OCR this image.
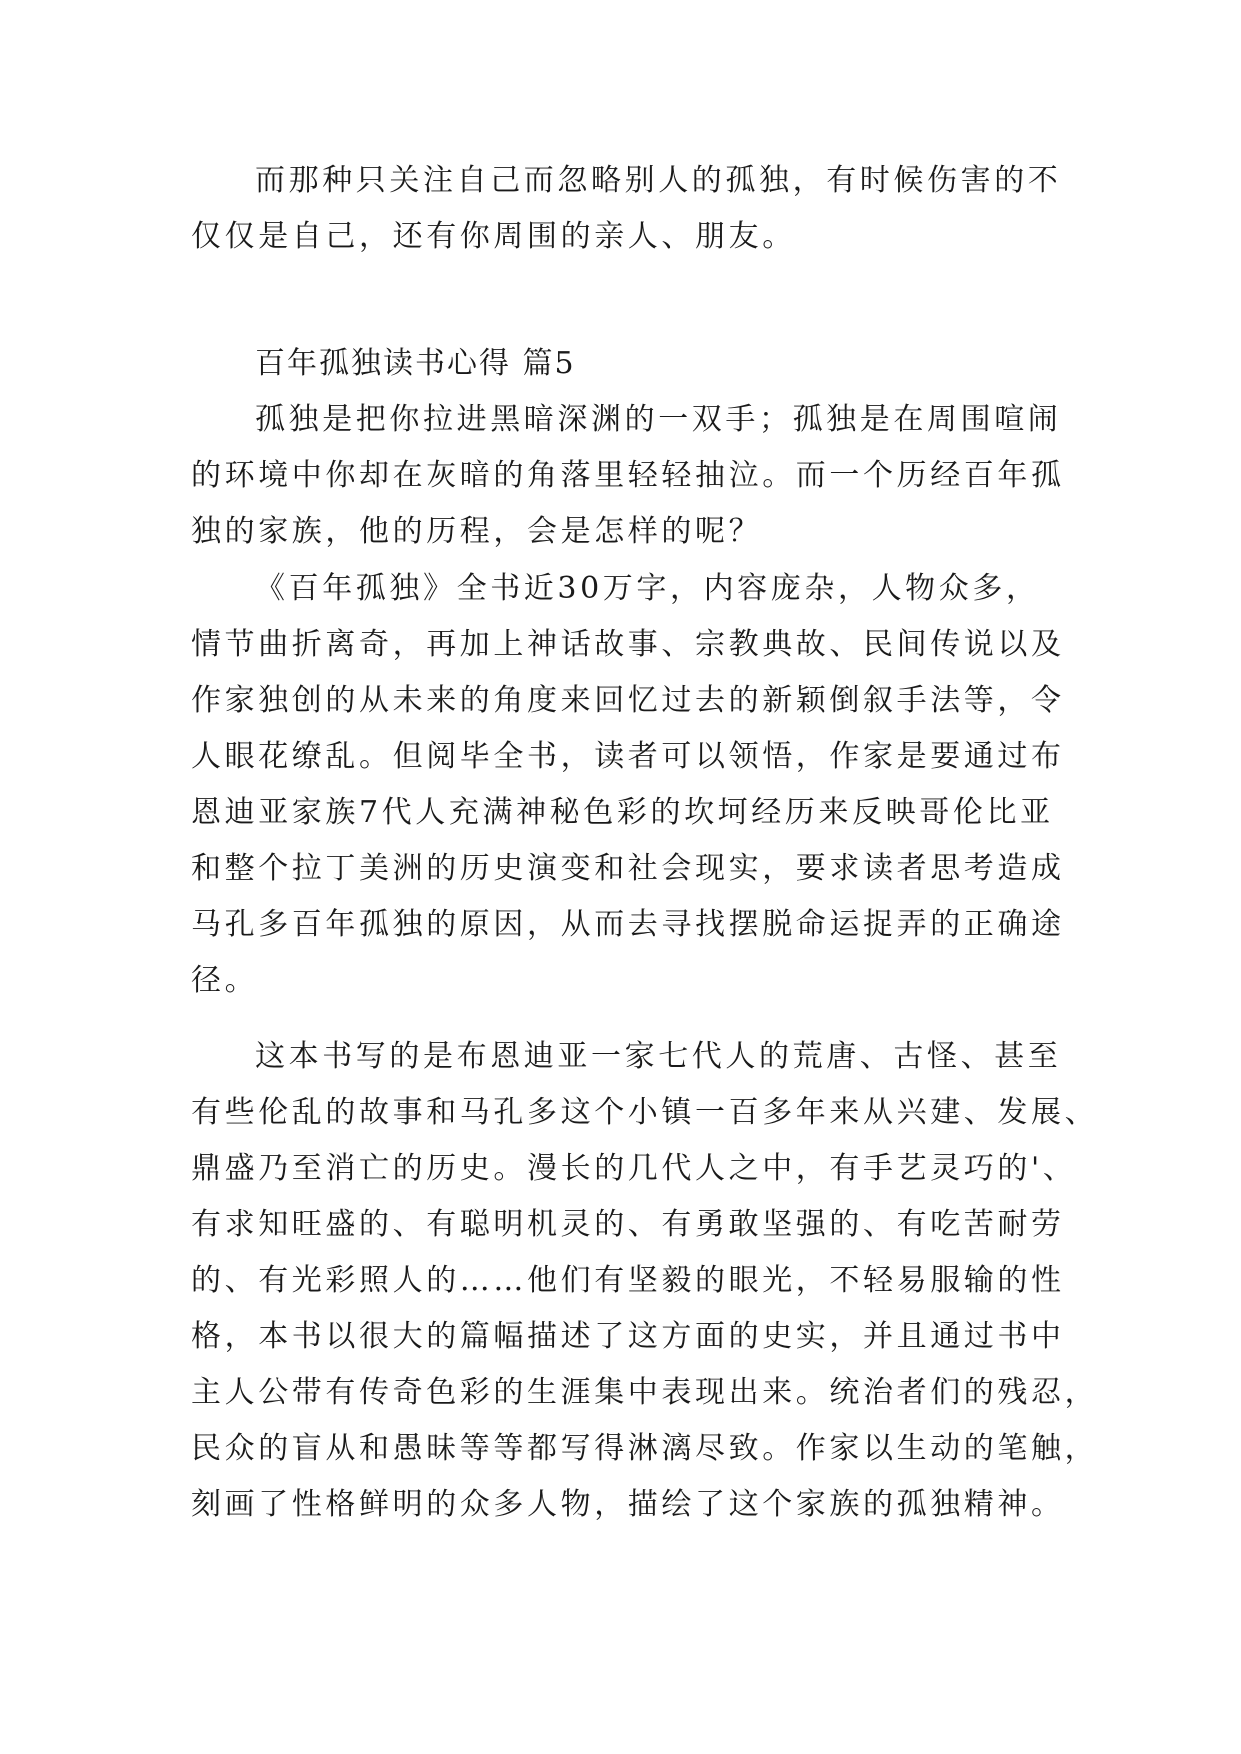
而那种只关注自己而忽略别人的孤独，有时候伤害的不
仅仅是自己，还有你周围的亲人、朋友。
百年孤独读书心得 篇5
孤独是把你拉进黑暗深渊的一双手；孤独是在周围喧闹
的环境中你却在灰暗的角落里轻轻抽泣。而一个历经百年孤
独的家族，他的历程，会是怎样的呢？
《百年孤独》全书近30万字，内容庞杂，人物众多，
情节曲折离奇，再加上神话故事、宗教典故、民间传说以及
作家独创的从未来的角度来回忆过去的新颖倒叙手法等，令
人眼花缭乱。但阅毕全书，读者可以领悟，作家是要通过布
恩迪亚家族7代人充满神秘色彩的坎坷经历来反映哥伦比亚
和整个拉丁美洲的历史演变和社会现实，要求读者思考造成
马孔多百年孤独的原因，从而去寻找摆脱命运捉弄的正确途
径。
这本书写的是布恩迪亚一家七代人的荒唐、古怪、甚至
有些伦乱的故事和马孔多这个小镇一百多年来从兴建、发展、
鼎盛乃至消亡的历史。漫长的几代人之中，有手艺灵巧的'、
有求知旺盛的、有聪明机灵的、有勇敢坚强的、有吃苦耐劳
的、有光彩照人的……他们有坚毅的眼光，不轻易服输的性
格，本书以很大的篇幅描述了这方面的史实，并且通过书中
主人公带有传奇色彩的生涯集中表现出来。统治者们的残忍，
民众的盲从和愚昧等等都写得淋漓尽致。作家以生动的笔触，
刻画了性格鲜明的众多人物，描绘了这个家族的孤独精神。
